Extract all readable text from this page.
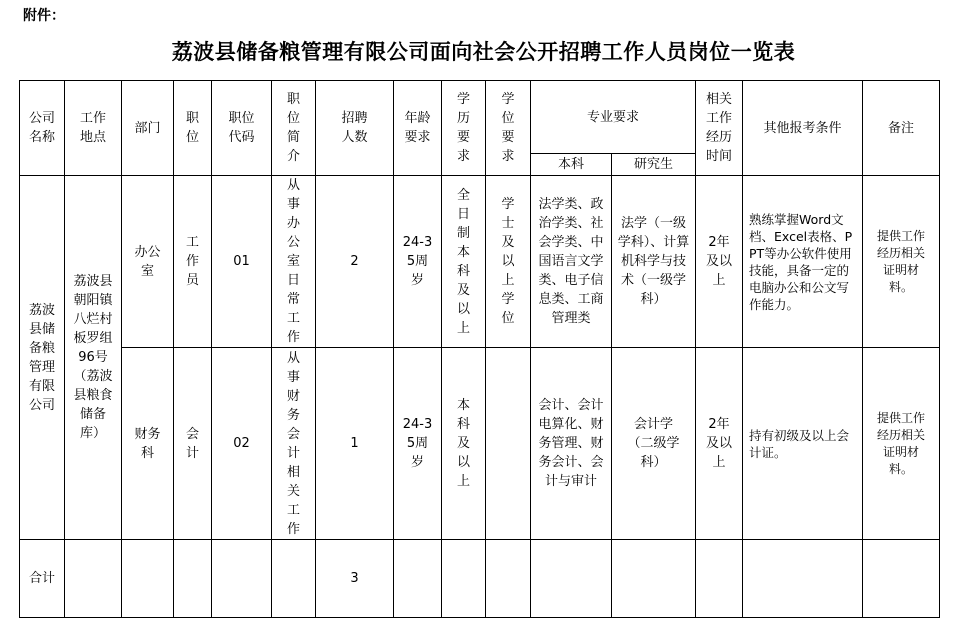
附件：
荔波县储备粮管理有限公司面向社会公开招聘工作人员岗位一览表
公司名称	工作地点	部门	职位	职位代码	职位简介	招聘人数	年龄要求	学历要求	学位要求	专业要求		相关工作经历时间	其他报考条件	备注
										本科	研究生			

荔波县储备粮管理有限公司	荔波县朝阳镇八烂村板罗组96号（荔波县粮食储备库）	办公室	工作员	01	从事办公室日常工作	2	24-35周岁	全日制本科及以上	学士及以上学位	法学类、政治学类、社会学类、中国语言文学类、电子信息类、工商管理类	法学（一级学科）、计算机科学与技术（一级学科）	2年及以上	熟练掌握Word文档、Excel表格、PPT等办公软件使用技能，具备一定的电脑办公和公文写作能力。	提供工作经历相关证明材料。

		财务科	会计	02	从事财务会计相关工作	1	24-35周岁	本科及以上		会计、会计电算化、财务管理、财务会计、会计与审计	会计学（二级学科）	2年及以上	持有初级及以上会计证。	提供工作经历相关证明材料。

合计						3								
